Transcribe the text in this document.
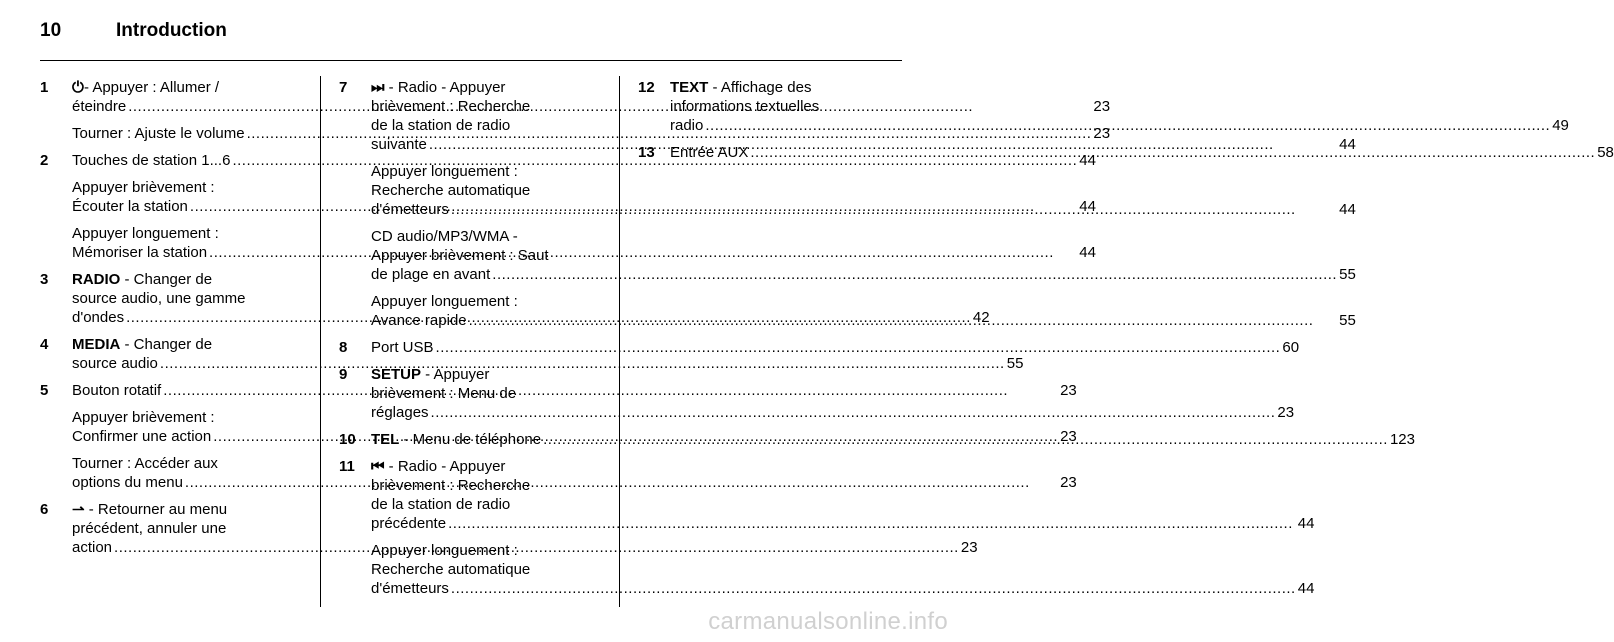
10	Introduction
1	⏻- Appuyer : Allumer /
éteindre .....	23
Tourner : Ajuste le volume .....	23
2	Touches de station 1...6 .....	44
Appuyer brièvement :
Écouter la station .....	44
Appuyer longuement :
Mémoriser la station .....	44
3	RADIO - Changer de
source audio, une gamme
d'ondes .....	42
4	MEDIA - Changer de
source audio .....	55
5	Bouton rotatif .....	23
Appuyer brièvement :
Confirmer une action .....	23
Tourner : Accéder aux
options du menu .....	23
6	⇀ - Retourner au menu
précédent, annuler une
action .....	23
7	⏭ - Radio - Appuyer
brièvement : Recherche
de la station de radio
suivante .....	44
Appuyer longuement :
Recherche automatique
d'émetteurs .....	44
CD audio/MP3/WMA -
Appuyer brièvement : Saut
de plage en avant .....	55
Appuyer longuement :
Avance rapide .....	55
8	Port USB .....	60
9	SETUP - Appuyer
brièvement : Menu de
réglages .....	23
10	TEL - Menu de téléphone .....	123
11	⏮ - Radio - Appuyer
brièvement : Recherche
de la station de radio
précédente .....	44
Appuyer longuement :
Recherche automatique
d'émetteurs .....	44
12	TEXT - Affichage des
informations textuelles
radio .....	49
13	Entrée AUX .....	58
carmanualsonline.info
